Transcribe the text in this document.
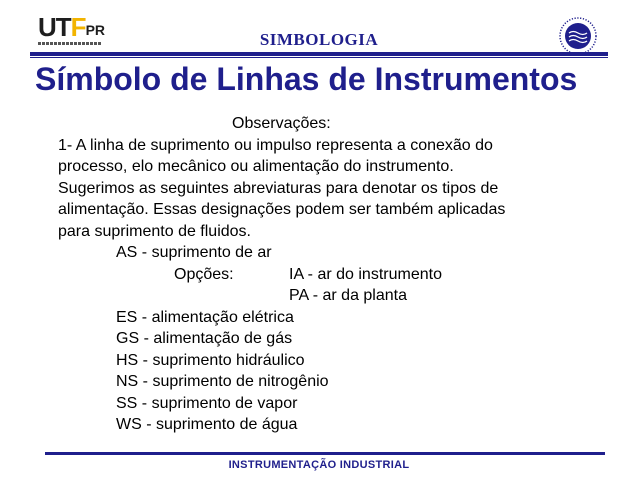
$UTF^{PR}$	SIMBOLOGIA
Símbolo de Linhas de Instrumentos
Observações:
1- A linha de suprimento ou impulso representa a conexão do
processo, elo mecânico ou alimentação do instrumento.
Sugerimos as seguintes abreviaturas para denotar os tipos de
alimentação. Essas designações podem ser também aplicadas
para suprimento de fluidos.
AS - suprimento de ar
Opções:	IA - ar do instrumento
PA - ar da planta
ES - alimentação elétrica
GS - alimentação de gás
HS - suprimento hidráulico
NS - suprimento de nitrogênio
SS - suprimento de vapor
WS - suprimento de água
INSTRUMENTAÇÃO INDUSTRIAL
